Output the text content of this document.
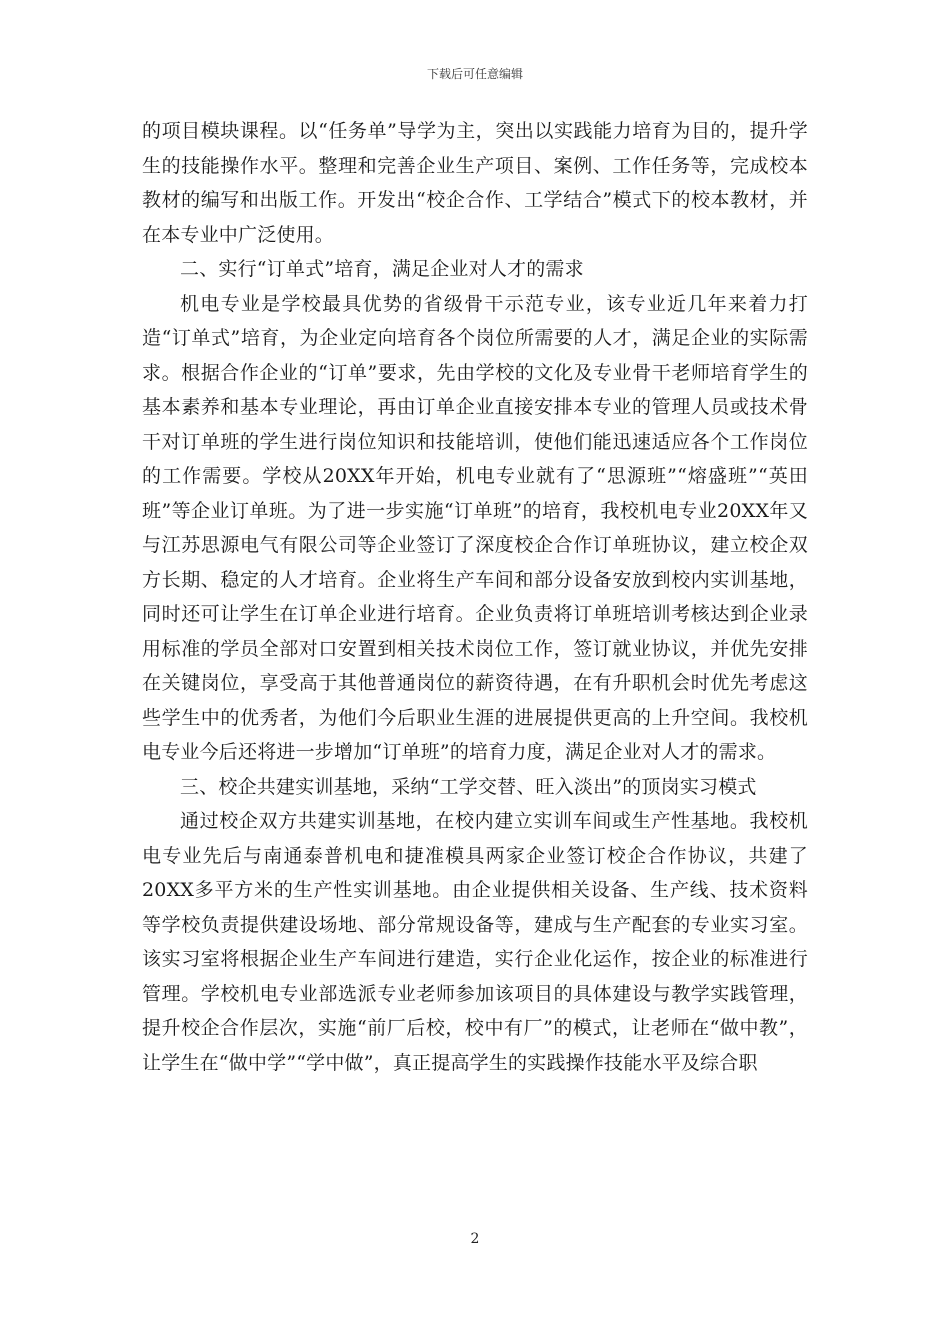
下载后可任意编辑

的项目模块课程。以“任务单”导学为主，突出以实践能力培育为目的，提升学生的技能操作水平。整理和完善企业生产项目、案例、工作任务等，完成校本教材的编写和出版工作。开发出“校企合作、工学结合”模式下的校本教材，并在本专业中广泛使用。

二、实行“订单式”培育，满足企业对人才的需求

机电专业是学校最具优势的省级骨干示范专业，该专业近几年来着力打造“订单式”培育，为企业定向培育各个岗位所需要的人才，满足企业的实际需求。根据合作企业的“订单”要求，先由学校的文化及专业骨干老师培育学生的基本素养和基本专业理论，再由订单企业直接安排本专业的管理人员或技术骨干对订单班的学生进行岗位知识和技能培训，使他们能迅速适应各个工作岗位的工作需要。学校从20XX年开始，机电专业就有了“思源班”“熔盛班”“英田班”等企业订单班。为了进一步实施“订单班”的培育，我校机电专业20XX年又与江苏思源电气有限公司等企业签订了深度校企合作订单班协议，建立校企双方长期、稳定的人才培育。企业将生产车间和部分设备安放到校内实训基地，同时还可让学生在订单企业进行培育。企业负责将订单班培训考核达到企业录用标准的学员全部对口安置到相关技术岗位工作，签订就业协议，并优先安排在关键岗位，享受高于其他普通岗位的薪资待遇，在有升职机会时优先考虑这些学生中的优秀者，为他们今后职业生涯的进展提供更高的上升空间。我校机电专业今后还将进一步增加“订单班”的培育力度，满足企业对人才的需求。

三、校企共建实训基地，采纳“工学交替、旺入淡出”的顶岗实习模式

通过校企双方共建实训基地，在校内建立实训车间或生产性基地。我校机电专业先后与南通泰普机电和捷准模具两家企业签订校企合作协议，共建了20XX多平方米的生产性实训基地。由企业提供相关设备、生产线、技术资料等学校负责提供建设场地、部分常规设备等，建成与生产配套的专业实习室。该实习室将根据企业生产车间进行建造，实行企业化运作，按企业的标准进行管理。学校机电专业部选派专业老师参加该项目的具体建设与教学实践管理，提升校企合作层次，实施“前厂后校，校中有厂”的模式，让老师在“做中教”，让学生在“做中学”“学中做”，真正提高学生的实践操作技能水平及综合职

2
